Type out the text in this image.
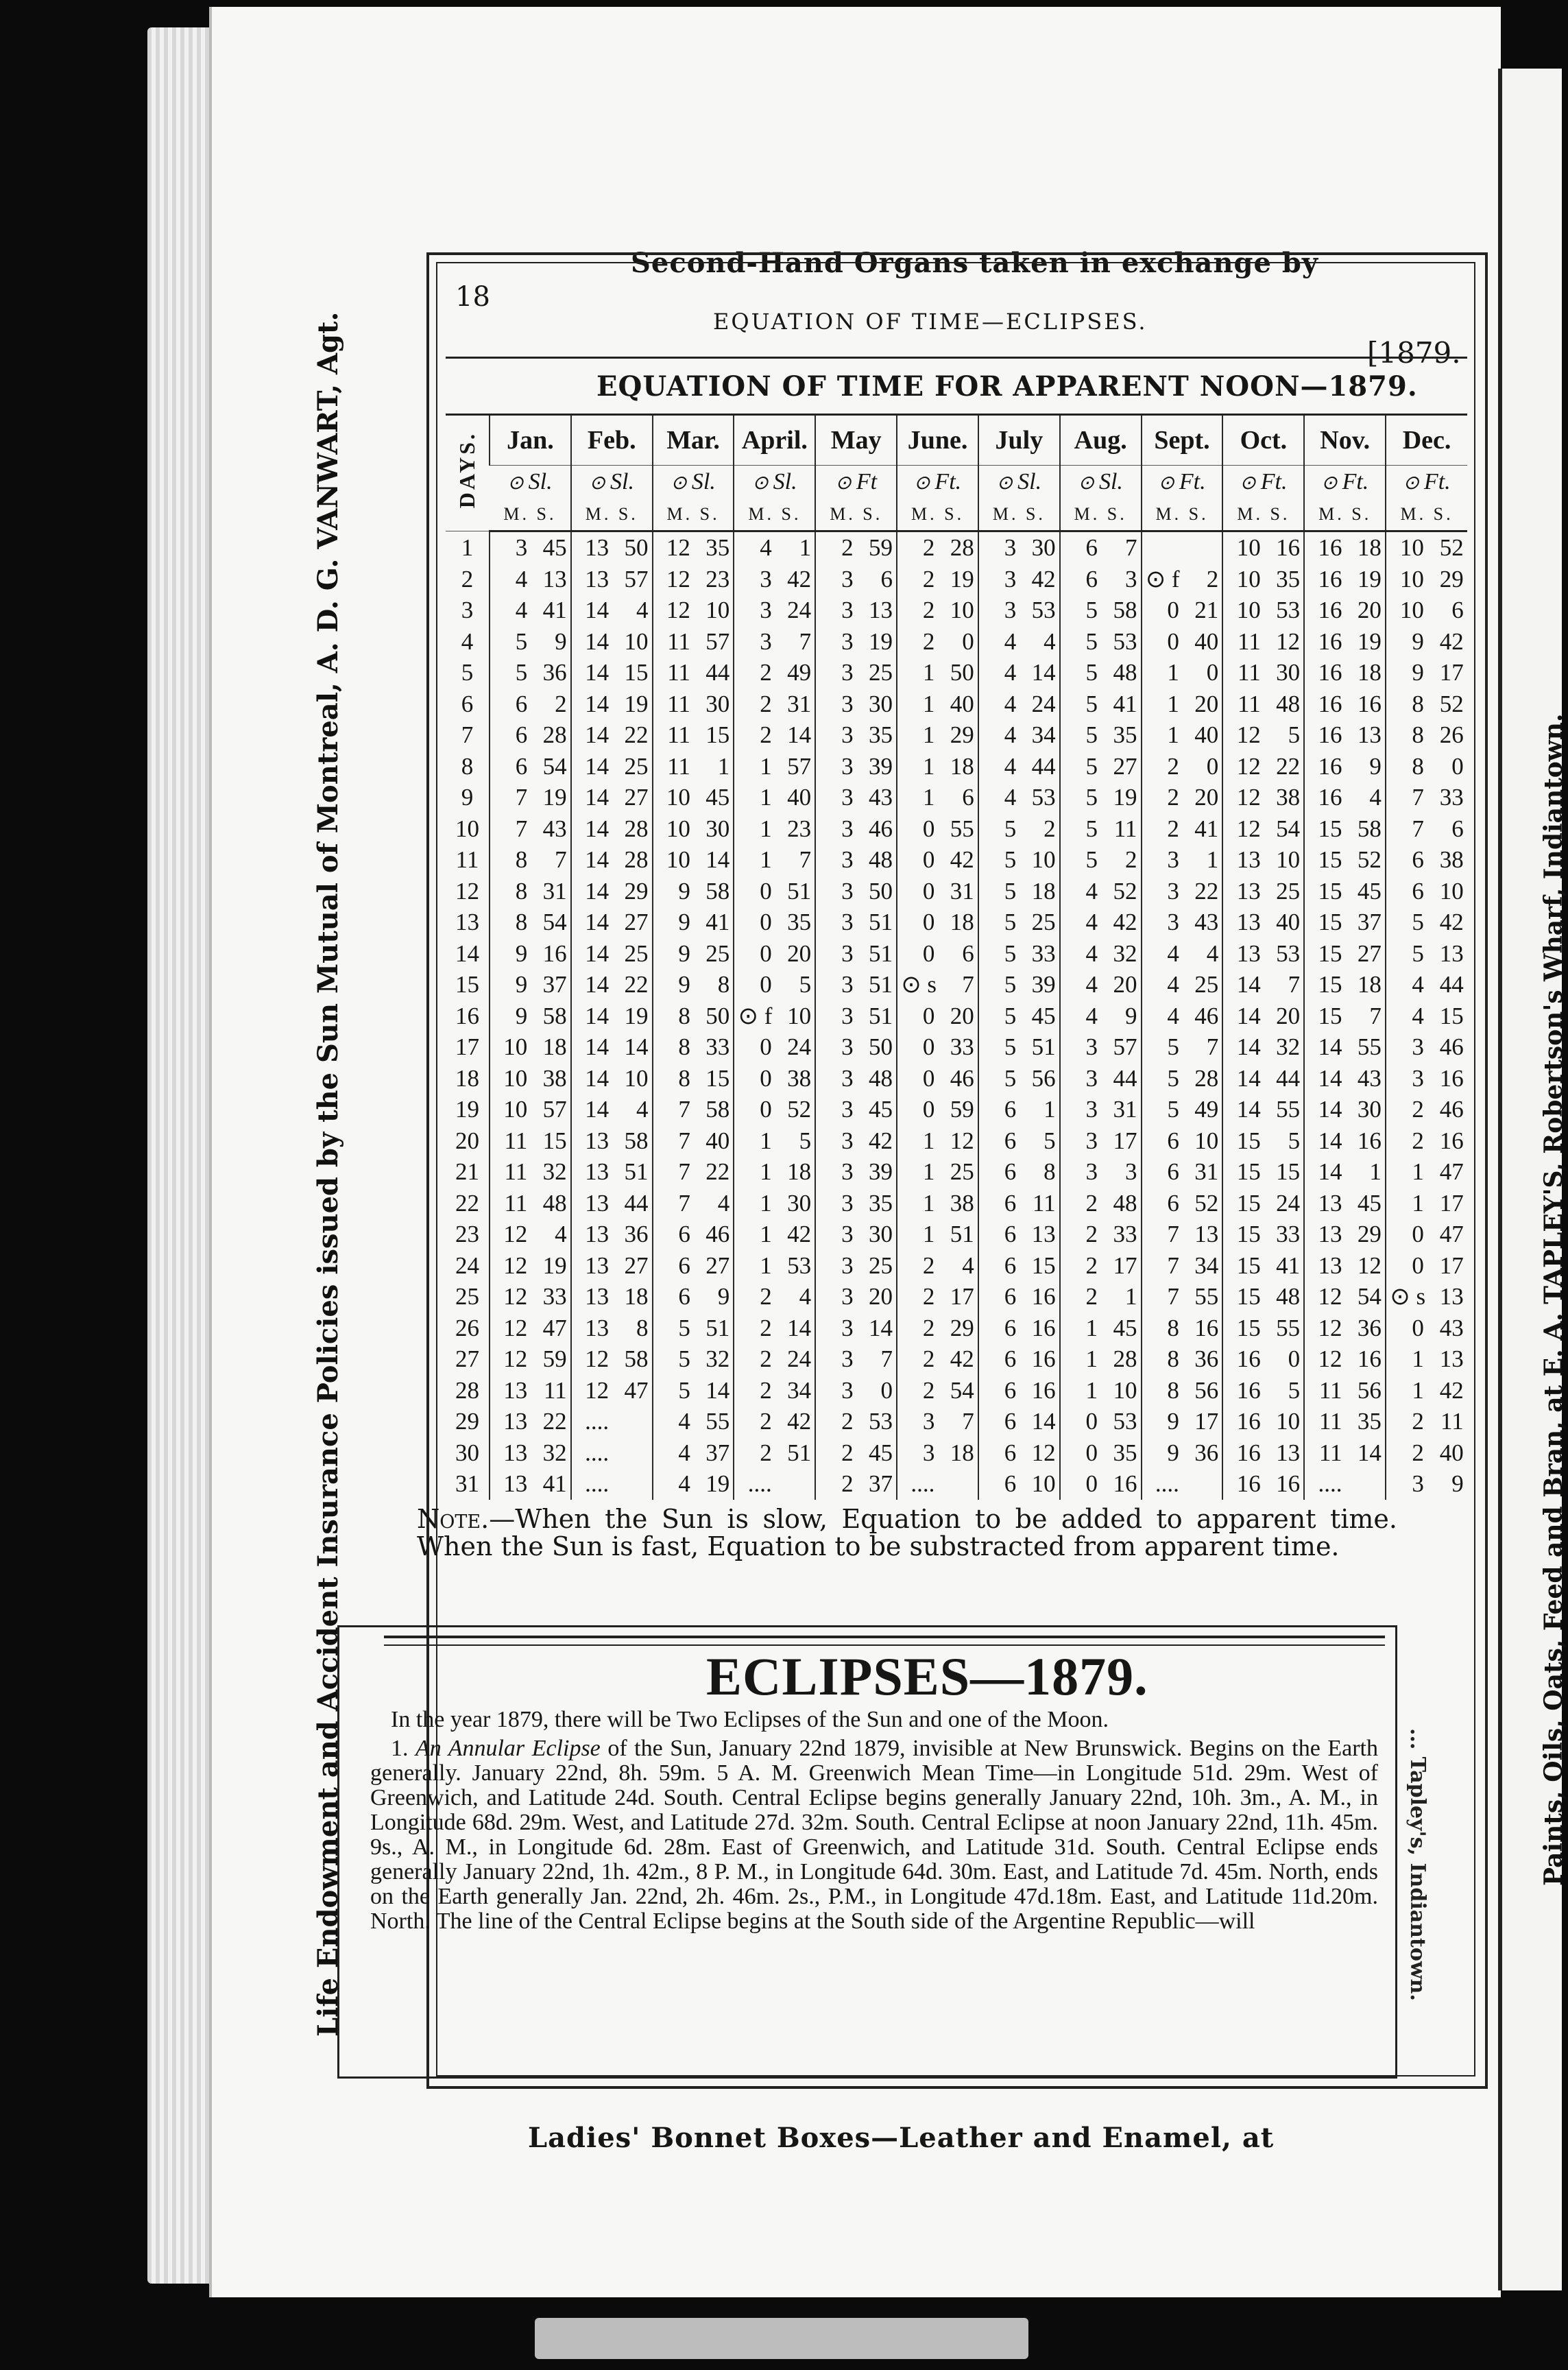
Life Endowment and Accident Insurance Policies issued by the Sun Mutual of Montreal, A. D. G. VANWART, Agt.	Paints, Oils, Oats, Feed and Bran, at E. A. TAPLEY'S, Robertson's Wharf, Indiantown.
... Tapley's, Indiantown.
Second-Hand Organs taken in exchange by
Ladies' Bonnet Boxes—Leather and Enamel, at
18
EQUATION OF TIME—ECLIPSES.
[1879.
EQUATION OF TIME FOR APPARENT NOON—1879.
DAYS.	Jan.	Feb.	Mar.	April.	May	June.	July	Aug.	Sept.	Oct.	Nov.	Dec.
	⊙ Sl.	⊙ Sl.	⊙ Sl.	⊙ Sl.	⊙ Ft	⊙ Ft.	⊙ Sl.	⊙ Sl.	⊙ Ft.	⊙ Ft.	⊙ Ft.	⊙ Ft.
	M. S.	M. S.	M. S.	M. S.	M. S.	M. S.	M. S.	M. S.	M. S.	M. S.	M. S.	M. S.
1	3 45	13 50	12 35	4 1	2 59	2 28	3 30	6 7		10 16	16 18	10 52
2	4 13	13 57	12 23	3 42	3 6	2 19	3 42	6 3	⊙ f 2	10 35	16 19	10 29
3	4 41	14 4	12 10	3 24	3 13	2 10	3 53	5 58	0 21	10 53	16 20	10 6
4	5 9	14 10	11 57	3 7	3 19	2 0	4 4	5 53	0 40	11 12	16 19	9 42
5	5 36	14 15	11 44	2 49	3 25	1 50	4 14	5 48	1 0	11 30	16 18	9 17
6	6 2	14 19	11 30	2 31	3 30	1 40	4 24	5 41	1 20	11 48	16 16	8 52
7	6 28	14 22	11 15	2 14	3 35	1 29	4 34	5 35	1 40	12 5	16 13	8 26
8	6 54	14 25	11 1	1 57	3 39	1 18	4 44	5 27	2 0	12 22	16 9	8 0
9	7 19	14 27	10 45	1 40	3 43	1 6	4 53	5 19	2 20	12 38	16 4	7 33
10	7 43	14 28	10 30	1 23	3 46	0 55	5 2	5 11	2 41	12 54	15 58	7 6
11	8 7	14 28	10 14	1 7	3 48	0 42	5 10	5 2	3 1	13 10	15 52	6 38
12	8 31	14 29	9 58	0 51	3 50	0 31	5 18	4 52	3 22	13 25	15 45	6 10
13	8 54	14 27	9 41	0 35	3 51	0 18	5 25	4 42	3 43	13 40	15 37	5 42
14	9 16	14 25	9 25	0 20	3 51	0 6	5 33	4 32	4 4	13 53	15 27	5 13
15	9 37	14 22	9 8	0 5	3 51	⊙ s 7	5 39	4 20	4 25	14 7	15 18	4 44
16	9 58	14 19	8 50	⊙ f 10	3 51	0 20	5 45	4 9	4 46	14 20	15 7	4 15
17	10 18	14 14	8 33	0 24	3 50	0 33	5 51	3 57	5 7	14 32	14 55	3 46
18	10 38	14 10	8 15	0 38	3 48	0 46	5 56	3 44	5 28	14 44	14 43	3 16
19	10 57	14 4	7 58	0 52	3 45	0 59	6 1	3 31	5 49	14 55	14 30	2 46
20	11 15	13 58	7 40	1 5	3 42	1 12	6 5	3 17	6 10	15 5	14 16	2 16
21	11 32	13 51	7 22	1 18	3 39	1 25	6 8	3 3	6 31	15 15	14 1	1 47
22	11 48	13 44	7 4	1 30	3 35	1 38	6 11	2 48	6 52	15 24	13 45	1 17
23	12 4	13 36	6 46	1 42	3 30	1 51	6 13	2 33	7 13	15 33	13 29	0 47
24	12 19	13 27	6 27	1 53	3 25	2 4	6 15	2 17	7 34	15 41	13 12	0 17
25	12 33	13 18	6 9	2 4	3 20	2 17	6 16	2 1	7 55	15 48	12 54	⊙ s 13
26	12 47	13 8	5 51	2 14	3 14	2 29	6 16	1 45	8 16	15 55	12 36	0 43
27	12 59	12 58	5 32	2 24	3 7	2 42	6 16	1 28	8 36	16 0	12 16	1 13
28	13 11	12 47	5 14	2 34	3 0	2 54	6 16	1 10	8 56	16 5	11 56	1 42
29	13 22	....	4 55	2 42	2 53	3 7	6 14	0 53	9 17	16 10	11 35	2 11
30	13 32	....	4 37	2 51	2 45	3 18	6 12	0 35	9 36	16 13	11 14	2 40
31	13 41	....	4 19	....	2 37	....	6 10	0 16	....	16 16	....	3 9
Note.—When the Sun is slow, Equation to be added to apparent time. When the Sun is fast, Equation to be substracted from apparent time.
ECLIPSES—1879.

In the year 1879, there will be Two Eclipses of the Sun and one of the Moon.

1. An Annular Eclipse of the Sun, January 22nd 1879, invisible at New Brunswick. Begins on the Earth generally. January 22nd, 8h. 59m. 5 A. M. Greenwich Mean Time—in Longitude 51d. 29m. West of Greenwich, and Latitude 24d. South. Central Eclipse begins generally January 22nd, 10h. 3m., A. M., in Longitude 68d. 29m. West, and Latitude 27d. 32m. South. Central Eclipse at noon January 22nd, 11h. 45m. 9s., A. M., in Longitude 6d. 28m. East of Greenwich, and Latitude 31d. South. Central Eclipse ends generally January 22nd, 1h. 42m., 8 P. M., in Longitude 64d. 30m. East, and Latitude 7d. 45m. North, ends on the Earth generally Jan. 22nd, 2h. 46m. 2s., P.M., in Longitude 47d.18m. East, and Latitude 11d.20m. North. The line of the Central Eclipse begins at the South side of the Argentine Republic—will
